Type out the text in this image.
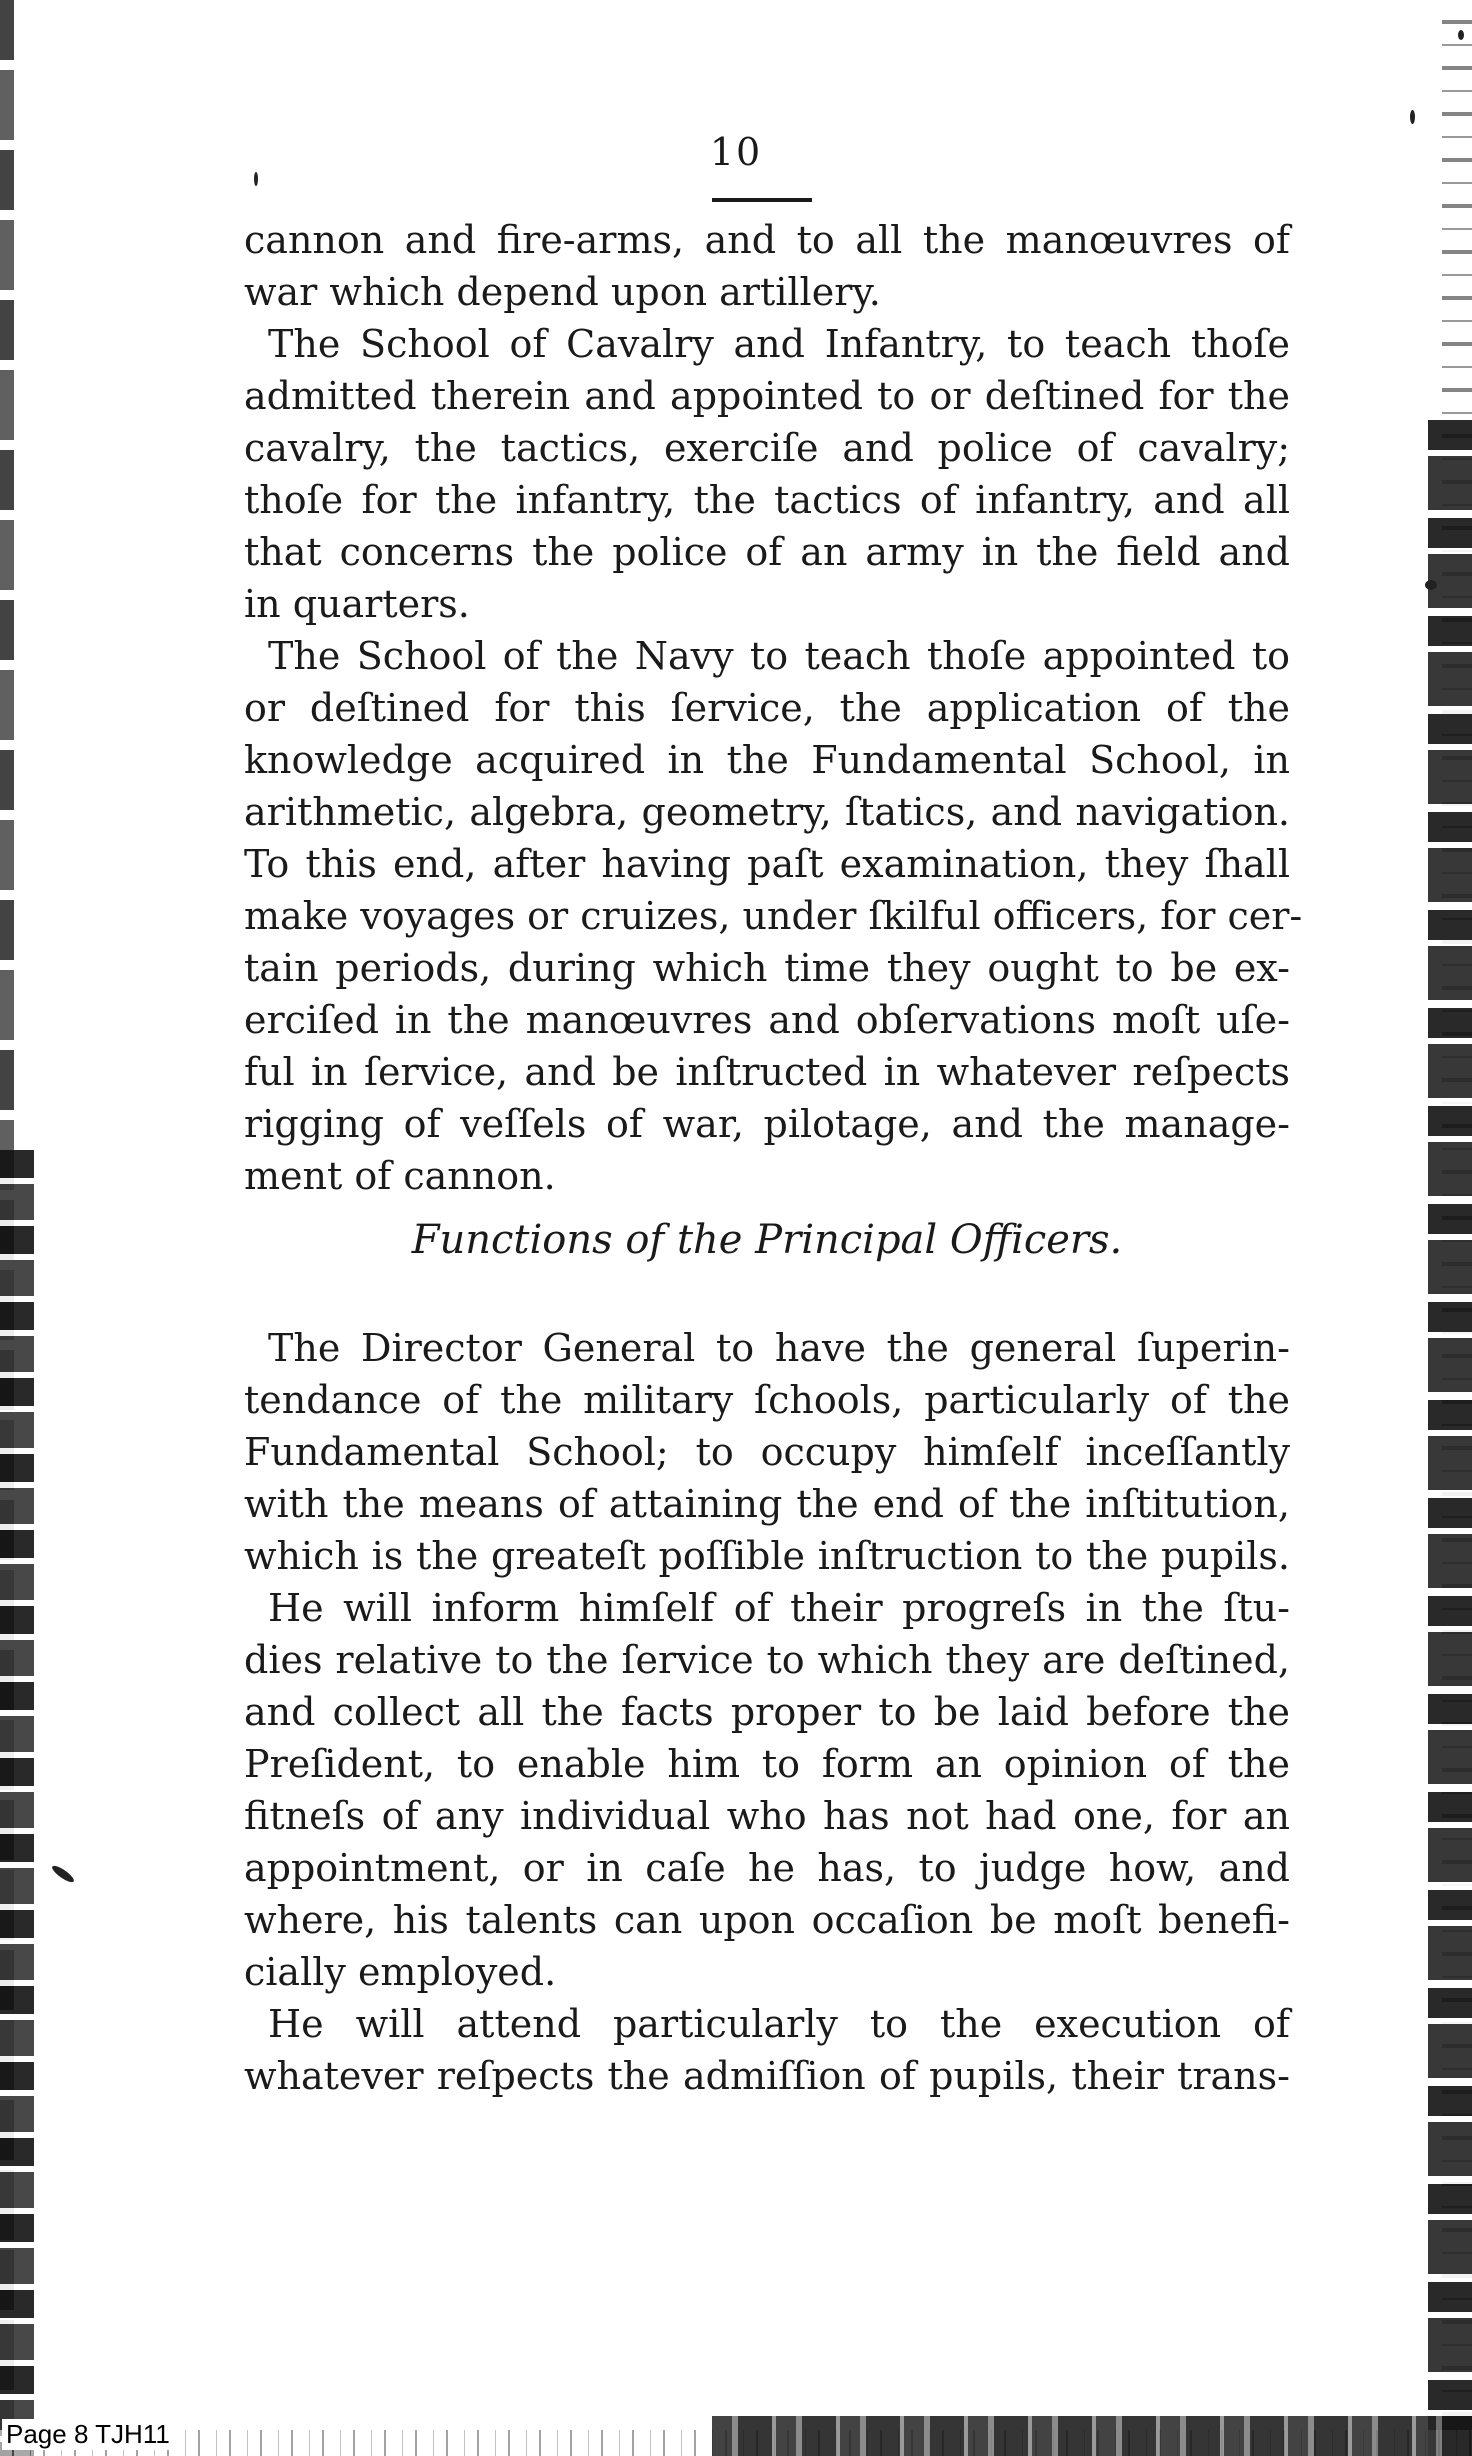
10
cannon and fire-arms, and to all the manœuvres of
war which depend upon artillery.
The School of Cavalry and Infantry, to teach thoſe
admitted therein and appointed to or deſtined for the
cavalry, the tactics, exerciſe and police of cavalry;
thoſe for the infantry, the tactics of infantry, and all
that concerns the police of an army in the field and
in quarters.
The School of the Navy to teach thoſe appointed to
or deſtined for this ſervice, the application of the
knowledge acquired in the Fundamental School, in
arithmetic, algebra, geometry, ſtatics, and navigation.
To this end, after having paſt examination, they ſhall
make voyages or cruizes, under ſkilful officers, for cer-
tain periods, during which time they ought to be ex-
erciſed in the manœuvres and obſervations moſt uſe-
ful in ſervice, and be inſtructed in whatever reſpects
rigging of veſſels of war, pilotage, and the manage-
ment of cannon.
Functions of the Principal Officers.
The Director General to have the general ſuperin-
tendance of the military ſchools, particularly of the
Fundamental School; to occupy himſelf inceſſantly
with the means of attaining the end of the inſtitution,
which is the greateſt poſſible inſtruction to the pupils.
He will inform himſelf of their progreſs in the ſtu-
dies relative to the ſervice to which they are deſtined,
and collect all the facts proper to be laid before the
Preſident, to enable him to form an opinion of the
fitneſs of any individual who has not had one, for an
appointment, or in caſe he has, to judge how, and
where, his talents can upon occaſion be moſt benefi-
cially employed.
He will attend particularly to the execution of
whatever reſpects the admiſſion of pupils, their trans-
Page 8 TJH11
